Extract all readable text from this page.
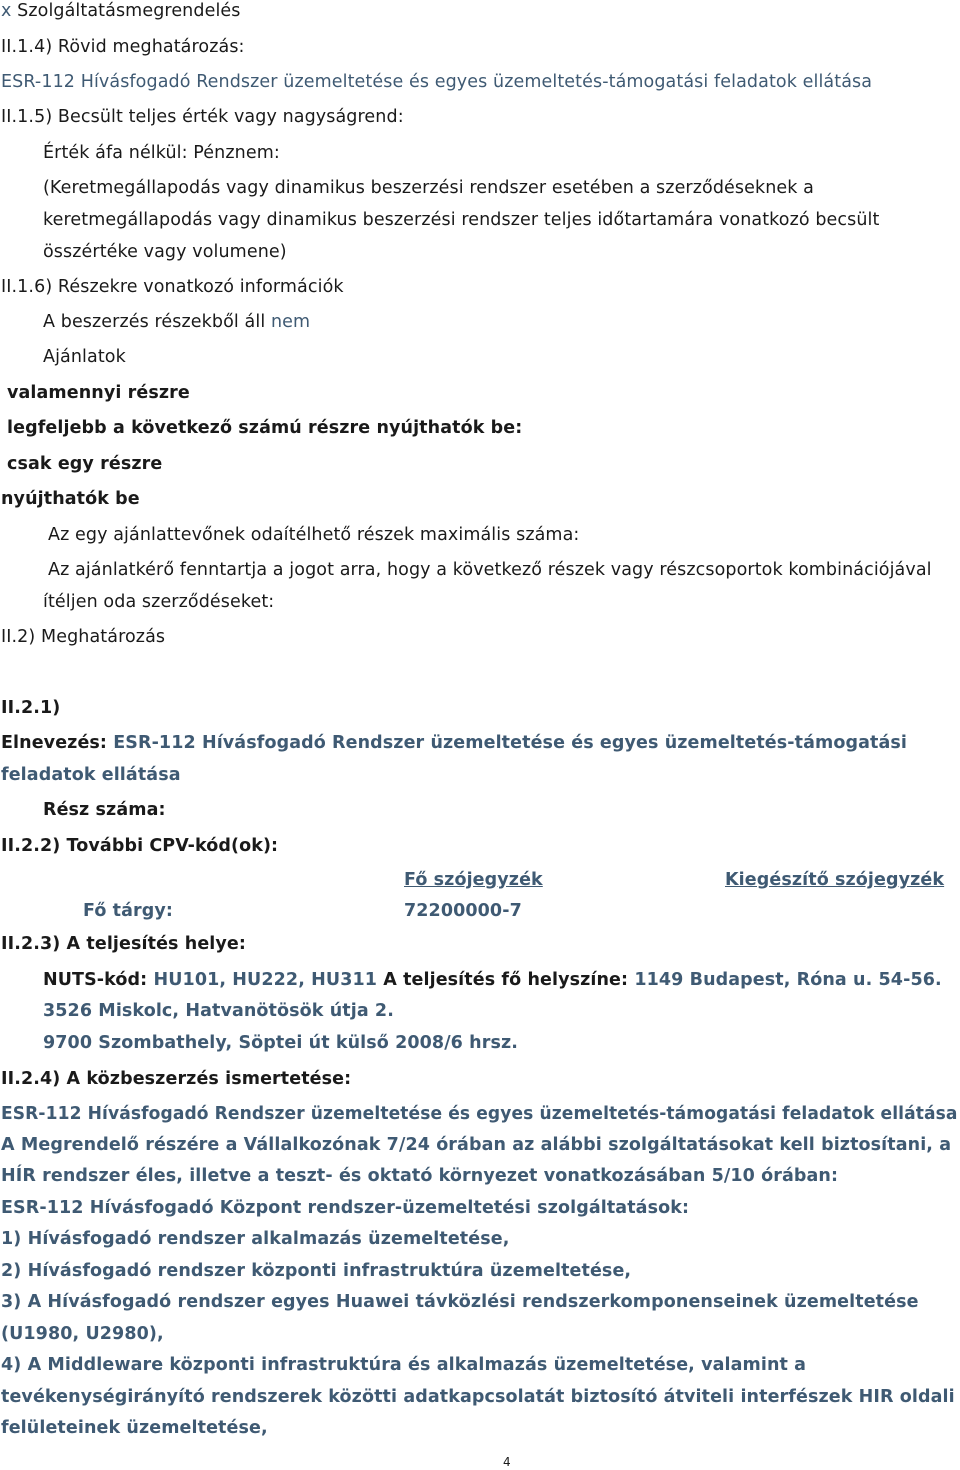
x Szolgáltatásmegrendelés
II.1.4) Rövid meghatározás:
ESR-112 Hívásfogadó Rendszer üzemeltetése és egyes üzemeltetés-támogatási feladatok ellátása
II.1.5) Becsült teljes érték vagy nagyságrend:
Érték áfa nélkül: Pénznem:
(Keretmegállapodás vagy dinamikus beszerzési rendszer esetében a szerződéseknek a
keretmegállapodás vagy dinamikus beszerzési rendszer teljes időtartamára vonatkozó becsült
összértéke vagy volumene)
II.1.6) Részekre vonatkozó információk
A beszerzés részekből áll nem
Ajánlatok
valamennyi részre
legfeljebb a következő számú részre nyújthatók be:
csak egy részre
nyújthatók be
Az egy ajánlattevőnek odaítélhető részek maximális száma:
Az ajánlatkérő fenntartja a jogot arra, hogy a következő részek vagy részcsoportok kombinációjával
ítéljen oda szerződéseket:
II.2) Meghatározás
II.2.1)
Elnevezés: ESR-112 Hívásfogadó Rendszer üzemeltetése és egyes üzemeltetés-támogatási
feladatok ellátása
Rész száma:
II.2.2) További CPV-kód(ok):
Fő szójegyzék	Kiegészítő szójegyzék
Fő tárgy:	72200000-7
II.2.3) A teljesítés helye:
NUTS-kód: HU101, HU222, HU311 A teljesítés fő helyszíne: 1149 Budapest, Róna u. 54-56.
3526 Miskolc, Hatvanötösök útja 2.
9700 Szombathely, Söptei út külső 2008/6 hrsz.
II.2.4) A közbeszerzés ismertetése:
ESR-112 Hívásfogadó Rendszer üzemeltetése és egyes üzemeltetés-támogatási feladatok ellátása
A Megrendelő részére a Vállalkozónak 7/24 órában az alábbi szolgáltatásokat kell biztosítani, a
HÍR rendszer éles, illetve a teszt- és oktató környezet vonatkozásában 5/10 órában:
ESR-112 Hívásfogadó Központ rendszer-üzemeltetési szolgáltatások:
1) Hívásfogadó rendszer alkalmazás üzemeltetése,
2) Hívásfogadó rendszer központi infrastruktúra üzemeltetése,
3) A Hívásfogadó rendszer egyes Huawei távközlési rendszerkomponenseinek üzemeltetése
(U1980, U2980),
4) A Middleware központi infrastruktúra és alkalmazás üzemeltetése, valamint a
tevékenységirányító rendszerek közötti adatkapcsolatát biztosító átviteli interfészek HIR oldali
felületeinek üzemeltetése,
4
